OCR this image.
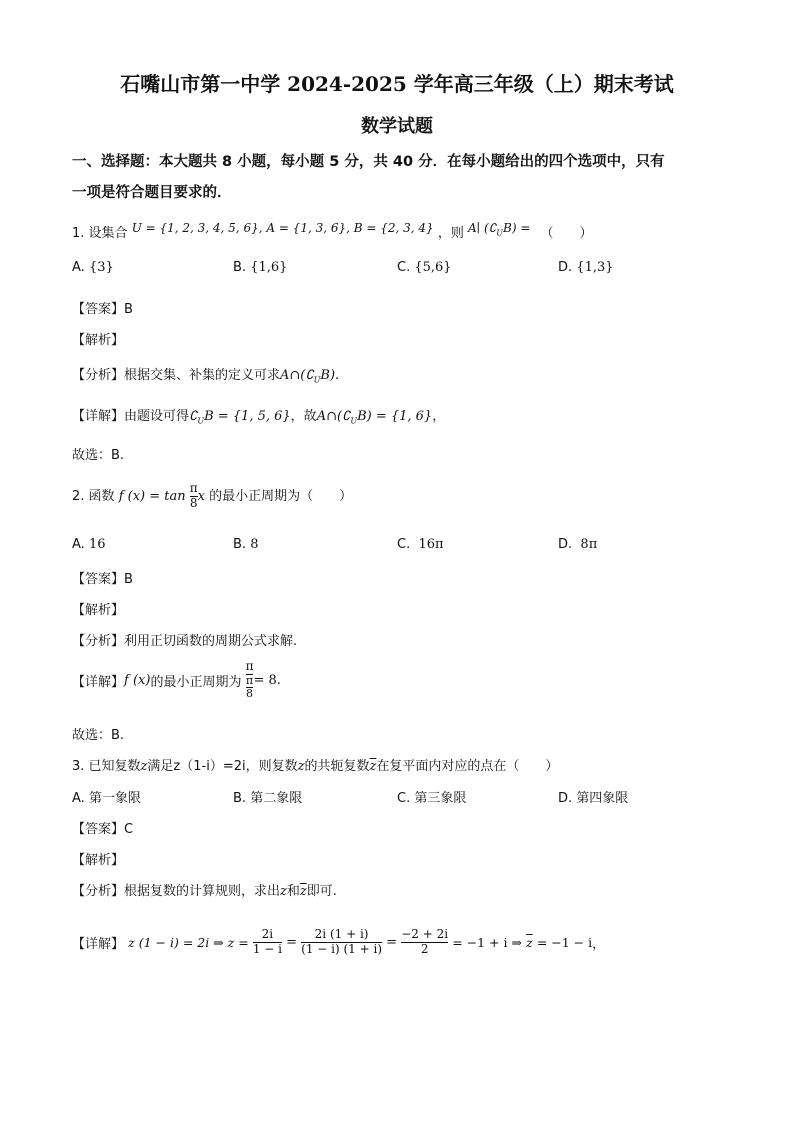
石嘴山市第一中学 2024-2025 学年高三年级（上）期末考试
数学试题
一、选择题：本大题共 8 小题，每小题 5 分，共 40 分．在每小题给出的四个选项中，只有
一项是符合题目要求的．
1. 设集合 U = {1, 2, 3, 4, 5, 6}, A = {1, 3, 6}, B = {2, 3, 4} ，则 A∣ $(∁_UB)$ = （　　）
A. {3}	B. {1,6}	C. {5,6}	D. {1,3}
【答案】B
【解析】
【分析】根据交集、补集的定义可求$A\cap(∁_UB)$.
【详解】由题设可得$∁_UB = \{1$, 5, 6}，故$A\cap(∁_UB) = \{1$, 6}，
故选：B.
2. 函数 f $(x) = \tan \frac{\pi}{8}$ x 的最小正周期为（　　）
A. 16	B. 8	C. 16π	D. 8π
【答案】B
【解析】
【分析】利用正切函数的周期公式求解.
【详解】f (x)的最小正周期为 $\frac{\pi}{\frac{\pi}{8}} = 8$.
故选：B.
3. 已知复数z满足z（1-i）=2i，则复数z的共轭复数$\overline{z}$在复平面内对应的点在（　　）
A. 第一象限	B. 第二象限	C. 第三象限	D. 第四象限
【答案】C
【解析】
【分析】根据复数的计算规则，求出z和$\overline{z}$即可.
【详解】 z (1 − i) = 2i ⇒ $z = \frac{2i}{1 - i} = \frac{2i (1 + i)}{(1 - i) (1 + i)} = \frac{-2 + 2i}{2} = -1 + i$ ⇒ $\overline{z} = -1 - i$，
